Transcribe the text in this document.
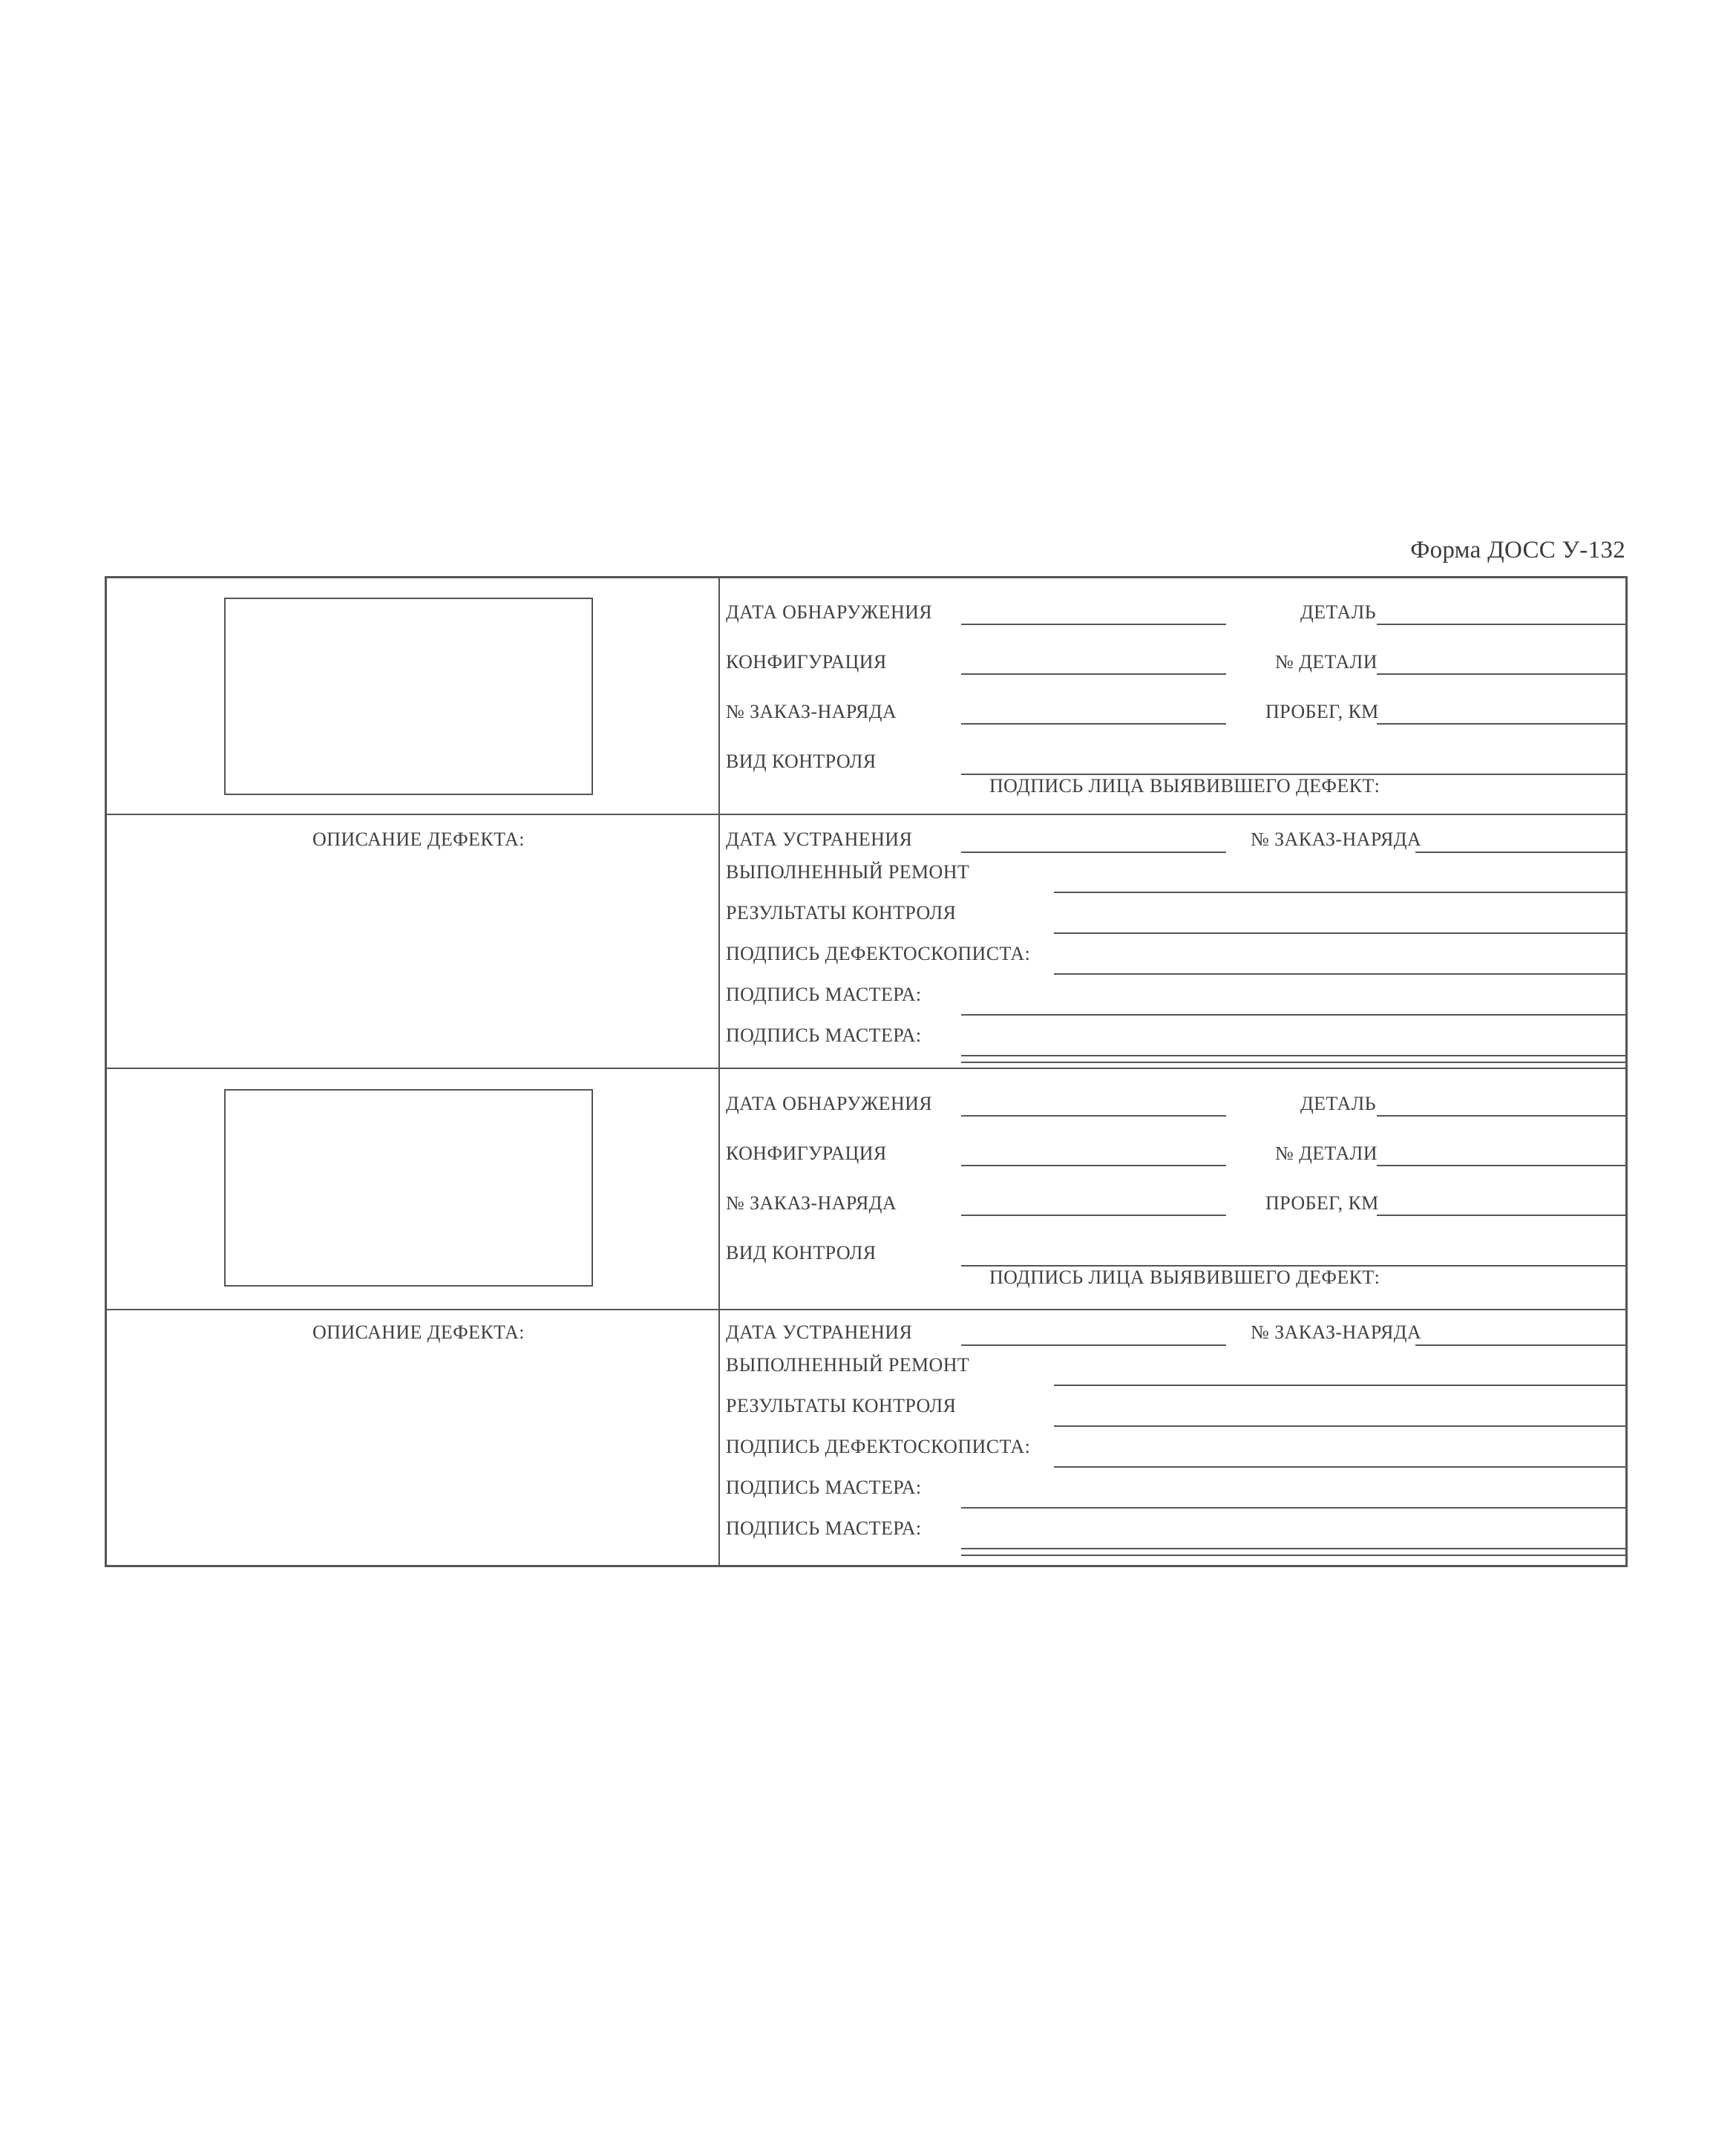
Форма ДОСС У-132
ДАТА ОБНАРУЖЕНИЯ	ДЕТАЛЬ
КОНФИГУРАЦИЯ	№ ДЕТАЛИ
№ ЗАКАЗ-НАРЯДА	ПРОБЕГ, КМ
ВИД КОНТРОЛЯ
ПОДПИСЬ ЛИЦА ВЫЯВИВШЕГО ДЕФЕКТ:
ОПИСАНИЕ ДЕФЕКТА:	ДАТА УСТРАНЕНИЯ	№ ЗАКАЗ-НАРЯДА
ВЫПОЛНЕННЫЙ РЕМОНТ
РЕЗУЛЬТАТЫ КОНТРОЛЯ
ПОДПИСЬ ДЕФЕКТОСКОПИСТА:
ПОДПИСЬ МАСТЕРА:
ПОДПИСЬ МАСТЕРА:
ДАТА ОБНАРУЖЕНИЯ	ДЕТАЛЬ
КОНФИГУРАЦИЯ	№ ДЕТАЛИ
№ ЗАКАЗ-НАРЯДА	ПРОБЕГ, КМ
ВИД КОНТРОЛЯ
ПОДПИСЬ ЛИЦА ВЫЯВИВШЕГО ДЕФЕКТ:
ОПИСАНИЕ ДЕФЕКТА:	ДАТА УСТРАНЕНИЯ	№ ЗАКАЗ-НАРЯДА
ВЫПОЛНЕННЫЙ РЕМОНТ
РЕЗУЛЬТАТЫ КОНТРОЛЯ
ПОДПИСЬ ДЕФЕКТОСКОПИСТА:
ПОДПИСЬ МАСТЕРА:
ПОДПИСЬ МАСТЕРА:
